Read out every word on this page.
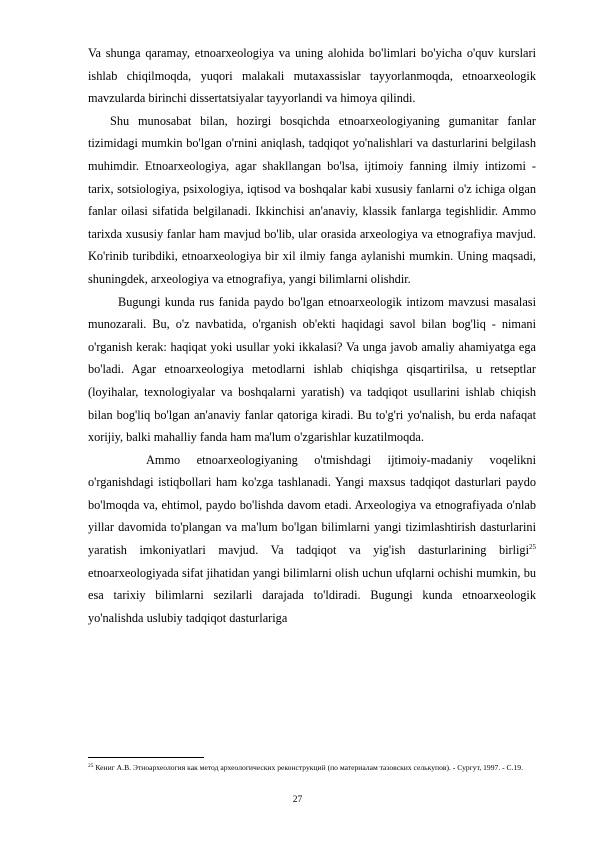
Va shunga qaramay, etnoarxeologiya va uning alohida bo'limlari bo'yicha o'quv kurslari ishlab chiqilmoqda, yuqori malakali mutaxassislar tayyorlanmoqda, etnoarxeologik mavzularda birinchi dissertatsiyalar tayyorlandi va himoya qilindi.

Shu munosabat bilan, hozirgi bosqichda etnoarxeologiyaning gumanitar fanlar tizimidagi mumkin bo'lgan o'rnini aniqlash, tadqiqot yo'nalishlari va dasturlarini belgilash muhimdir. Etnoarxeologiya, agar shakllangan bo'lsa, ijtimoiy fanning ilmiy intizomi - tarix, sotsiologiya, psixologiya, iqtisod va boshqalar kabi xususiy fanlarni o'z ichiga olgan fanlar oilasi sifatida belgilanadi. Ikkinchisi an'anaviy, klassik fanlarga tegishlidir. Ammo tarixda xususiy fanlar ham mavjud bo'lib, ular orasida arxeologiya va etnografiya mavjud. Ko'rinib turibdiki, etnoarxeologiya bir xil ilmiy fanga aylanishi mumkin. Uning maqsadi, shuningdek, arxeologiya va etnografiya, yangi bilimlarni olishdir.

Bugungi kunda rus fanida paydo bo'lgan etnoarxeologik intizom mavzusi masalasi munozarali. Bu, o'z navbatida, o'rganish ob'ekti haqidagi savol bilan bog'liq - nimani o'rganish kerak: haqiqat yoki usullar yoki ikkalasi? Va unga javob amaliy ahamiyatga ega bo'ladi. Agar etnoarxeologiya metodlarni ishlab chiqishga qisqartirilsa, u retseptlar (loyihalar, texnologiyalar va boshqalarni yaratish) va tadqiqot usullarini ishlab chiqish bilan bog'liq bo'lgan an'anaviy fanlar qatoriga kiradi. Bu to'g'ri yo'nalish, bu erda nafaqat xorijiy, balki mahalliy fanda ham ma'lum o'zgarishlar kuzatilmoqda.

Ammo etnoarxeologiyaning o'tmishdagi ijtimoiy-madaniy voqelikni o'rganishdagi istiqbollari ham ko'zga tashlanadi. Yangi maxsus tadqiqot dasturlari paydo bo'lmoqda va, ehtimol, paydo bo'lishda davom etadi. Arxeologiya va etnografiyada o'nlab yillar davomida to'plangan va ma'lum bo'lgan bilimlarni yangi tizimlashtirish dasturlarini yaratish imkoniyatlari mavjud. Va tadqiqot va yig'ish dasturlarining birligi$^{25}$ etnoarxeologiyada sifat jihatidan yangi bilimlarni olish uchun ufqlarni ochishi mumkin, bu esa tarixiy bilimlarni sezilarli darajada to'ldiradi. Bugungi kunda etnoarxeologik yo'nalishda uslubiy tadqiqot dasturlariga

$^{25}$ Кениг А.В. Этноархеология как метод археологических реконструкций (по материалам тазовских селькупов). - Сургут, 1997. - С.19.

27
